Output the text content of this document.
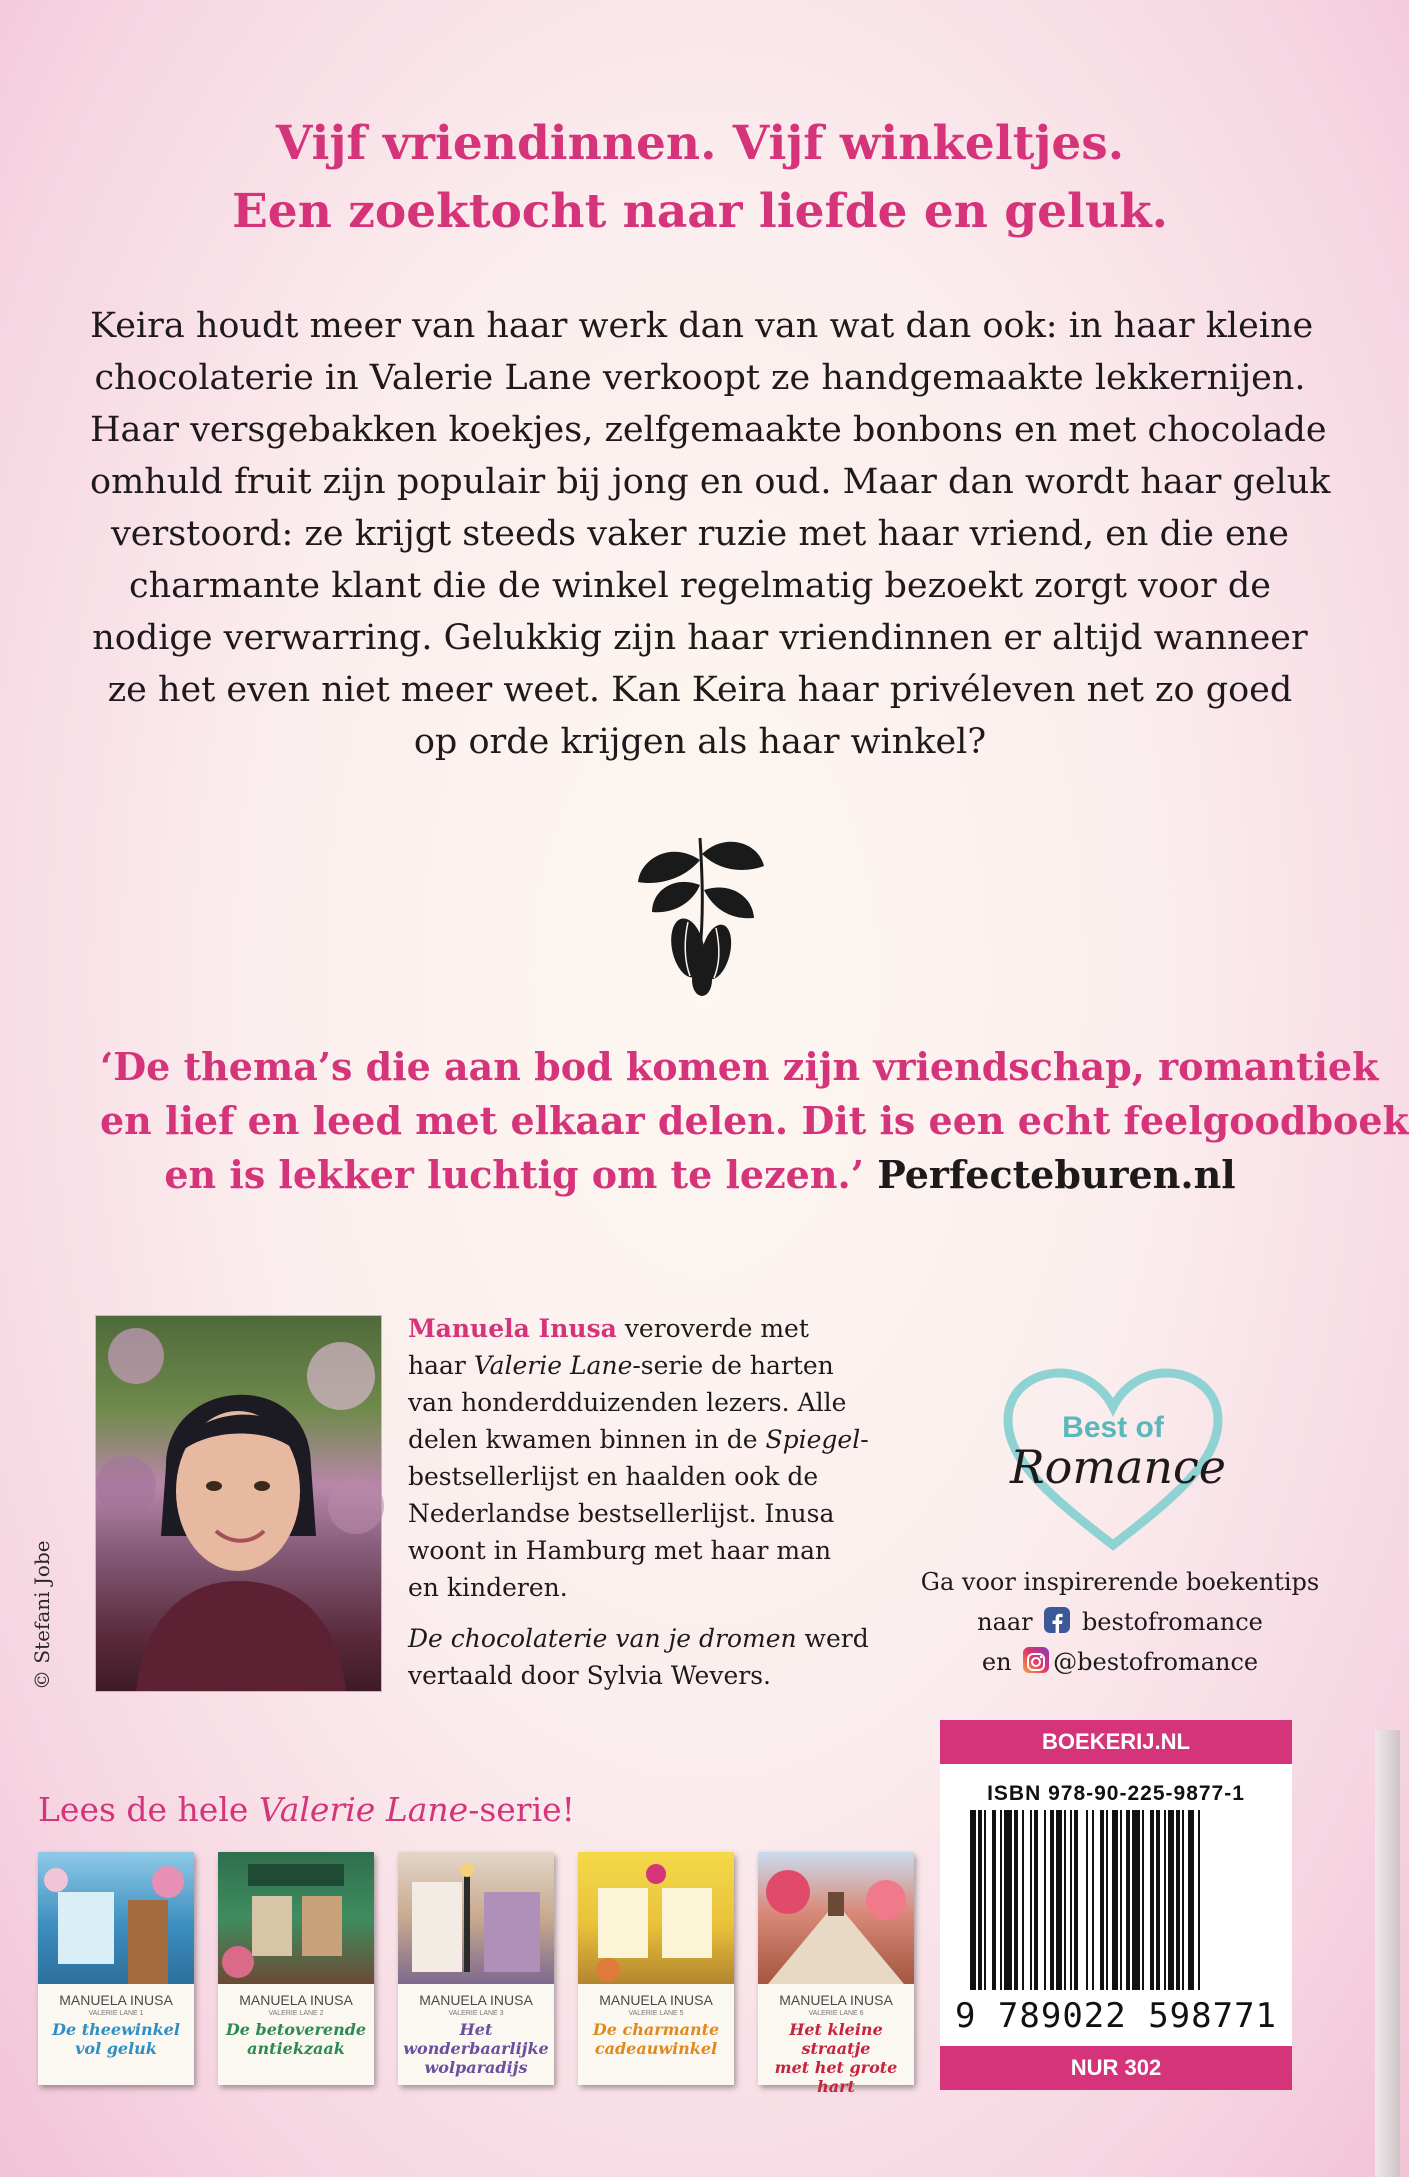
Vijf vriendinnen. Vijf winkeltjes.
Een zoektocht naar liefde en geluk.
Keira houdt meer van haar werk dan van wat dan ook: in haar kleine
chocolaterie in Valerie Lane verkoopt ze handgemaakte lekkernijen.
Haar versgebakken koekjes, zelfgemaakte bonbons en met chocolade
omhuld fruit zijn populair bij jong en oud. Maar dan wordt haar geluk
verstoord: ze krijgt steeds vaker ruzie met haar vriend, en die ene
charmante klant die de winkel regelmatig bezoekt zorgt voor de
nodige verwarring. Gelukkig zijn haar vriendinnen er altijd wanneer
ze het even niet meer weet. Kan Keira haar privéleven net zo goed
op orde krijgen als haar winkel?
‘De thema’s die aan bod komen zijn vriendschap, romantiek
en lief en leed met elkaar delen. Dit is een echt feelgoodboek
en is lekker luchtig om te lezen.’ Perfecteburen.nl
© Stefani Jobe
Manuela Inusa veroverde met
haar Valerie Lane-serie de harten
van honderdduizenden lezers. Alle
delen kwamen binnen in de Spiegel-
bestsellerlijst en haalden ook de
Nederlandse bestsellerlijst. Inusa
woont in Hamburg met haar man
en kinderen.
De chocolaterie van je dromen werd
vertaald door Sylvia Wevers.
Best of
Romance
Ga voor inspirerende boekentips
naar bestofromance
en @bestofromance
Lees de hele Valerie Lane-serie!
MANUELA INUSA
VALERIE LANE 1
De theewinkel
vol geluk
MANUELA INUSA
VALERIE LANE 2
De betoverende
antiekzaak
MANUELA INUSA
VALERIE LANE 3
Het wonderbaarlijke
wolparadijs
MANUELA INUSA
VALERIE LANE 5
De charmante
cadeauwinkel
MANUELA INUSA
VALERIE LANE 6
Het kleine straatje
met het grote hart
BOEKERIJ.NL
ISBN 978-90-225-9877-1
9 789022 598771
NUR 302
